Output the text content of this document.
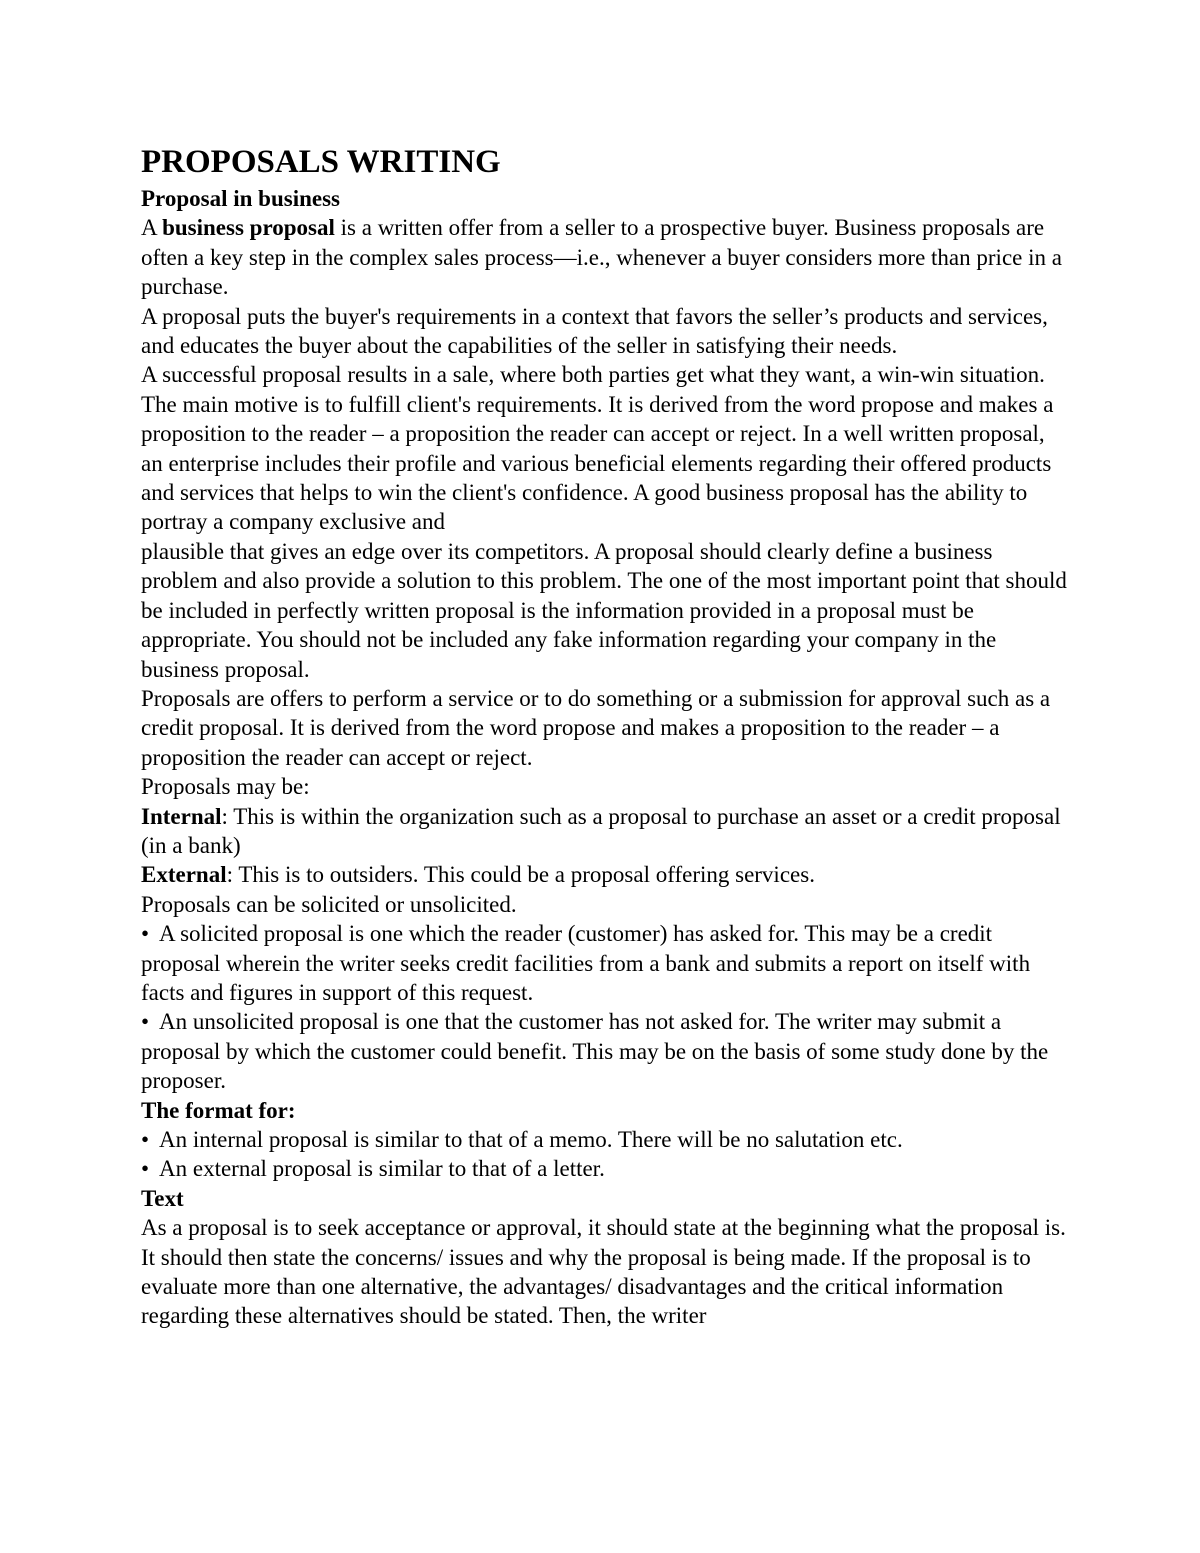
PROPOSALS WRITING

Proposal in business

A business proposal is a written offer from a seller to a prospective buyer. Business proposals are often a key step in the complex sales process—i.e., whenever a buyer considers more than price in a purchase.

A proposal puts the buyer's requirements in a context that favors the seller’s products and services, and educates the buyer about the capabilities of the seller in satisfying their needs.

A successful proposal results in a sale, where both parties get what they want, a win-win situation. The main motive is to fulfill client's requirements. It is derived from the word propose and makes a proposition to the reader – a proposition the reader can accept or reject. In a well written proposal, an enterprise includes their profile and various beneficial elements regarding their offered products and services that helps to win the client's confidence. A good business proposal has the ability to portray a company exclusive and

plausible that gives an edge over its competitors. A proposal should clearly define a business problem and also provide a solution to this problem. The one of the most important point that should be included in perfectly written proposal is the information provided in a proposal must be appropriate. You should not be included any fake information regarding your company in the business proposal.

Proposals are offers to perform a service or to do something or a submission for approval such as a credit proposal. It is derived from the word propose and makes a proposition to the reader – a proposition the reader can accept or reject.

Proposals may be:

Internal: This is within the organization such as a proposal to purchase an asset or a credit proposal (in a bank)

External: This is to outsiders. This could be a proposal offering services.

Proposals can be solicited or unsolicited.

• A solicited proposal is one which the reader (customer) has asked for. This may be a credit proposal wherein the writer seeks credit facilities from a bank and submits a report on itself with facts and figures in support of this request.

• An unsolicited proposal is one that the customer has not asked for. The writer may submit a proposal by which the customer could benefit. This may be on the basis of some study done by the proposer.

The format for:

• An internal proposal is similar to that of a memo. There will be no salutation etc.

• An external proposal is similar to that of a letter.

Text

As a proposal is to seek acceptance or approval, it should state at the beginning what the proposal is. It should then state the concerns/ issues and why the proposal is being made. If the proposal is to evaluate more than one alternative, the advantages/ disadvantages and the critical information regarding these alternatives should be stated. Then, the writer
